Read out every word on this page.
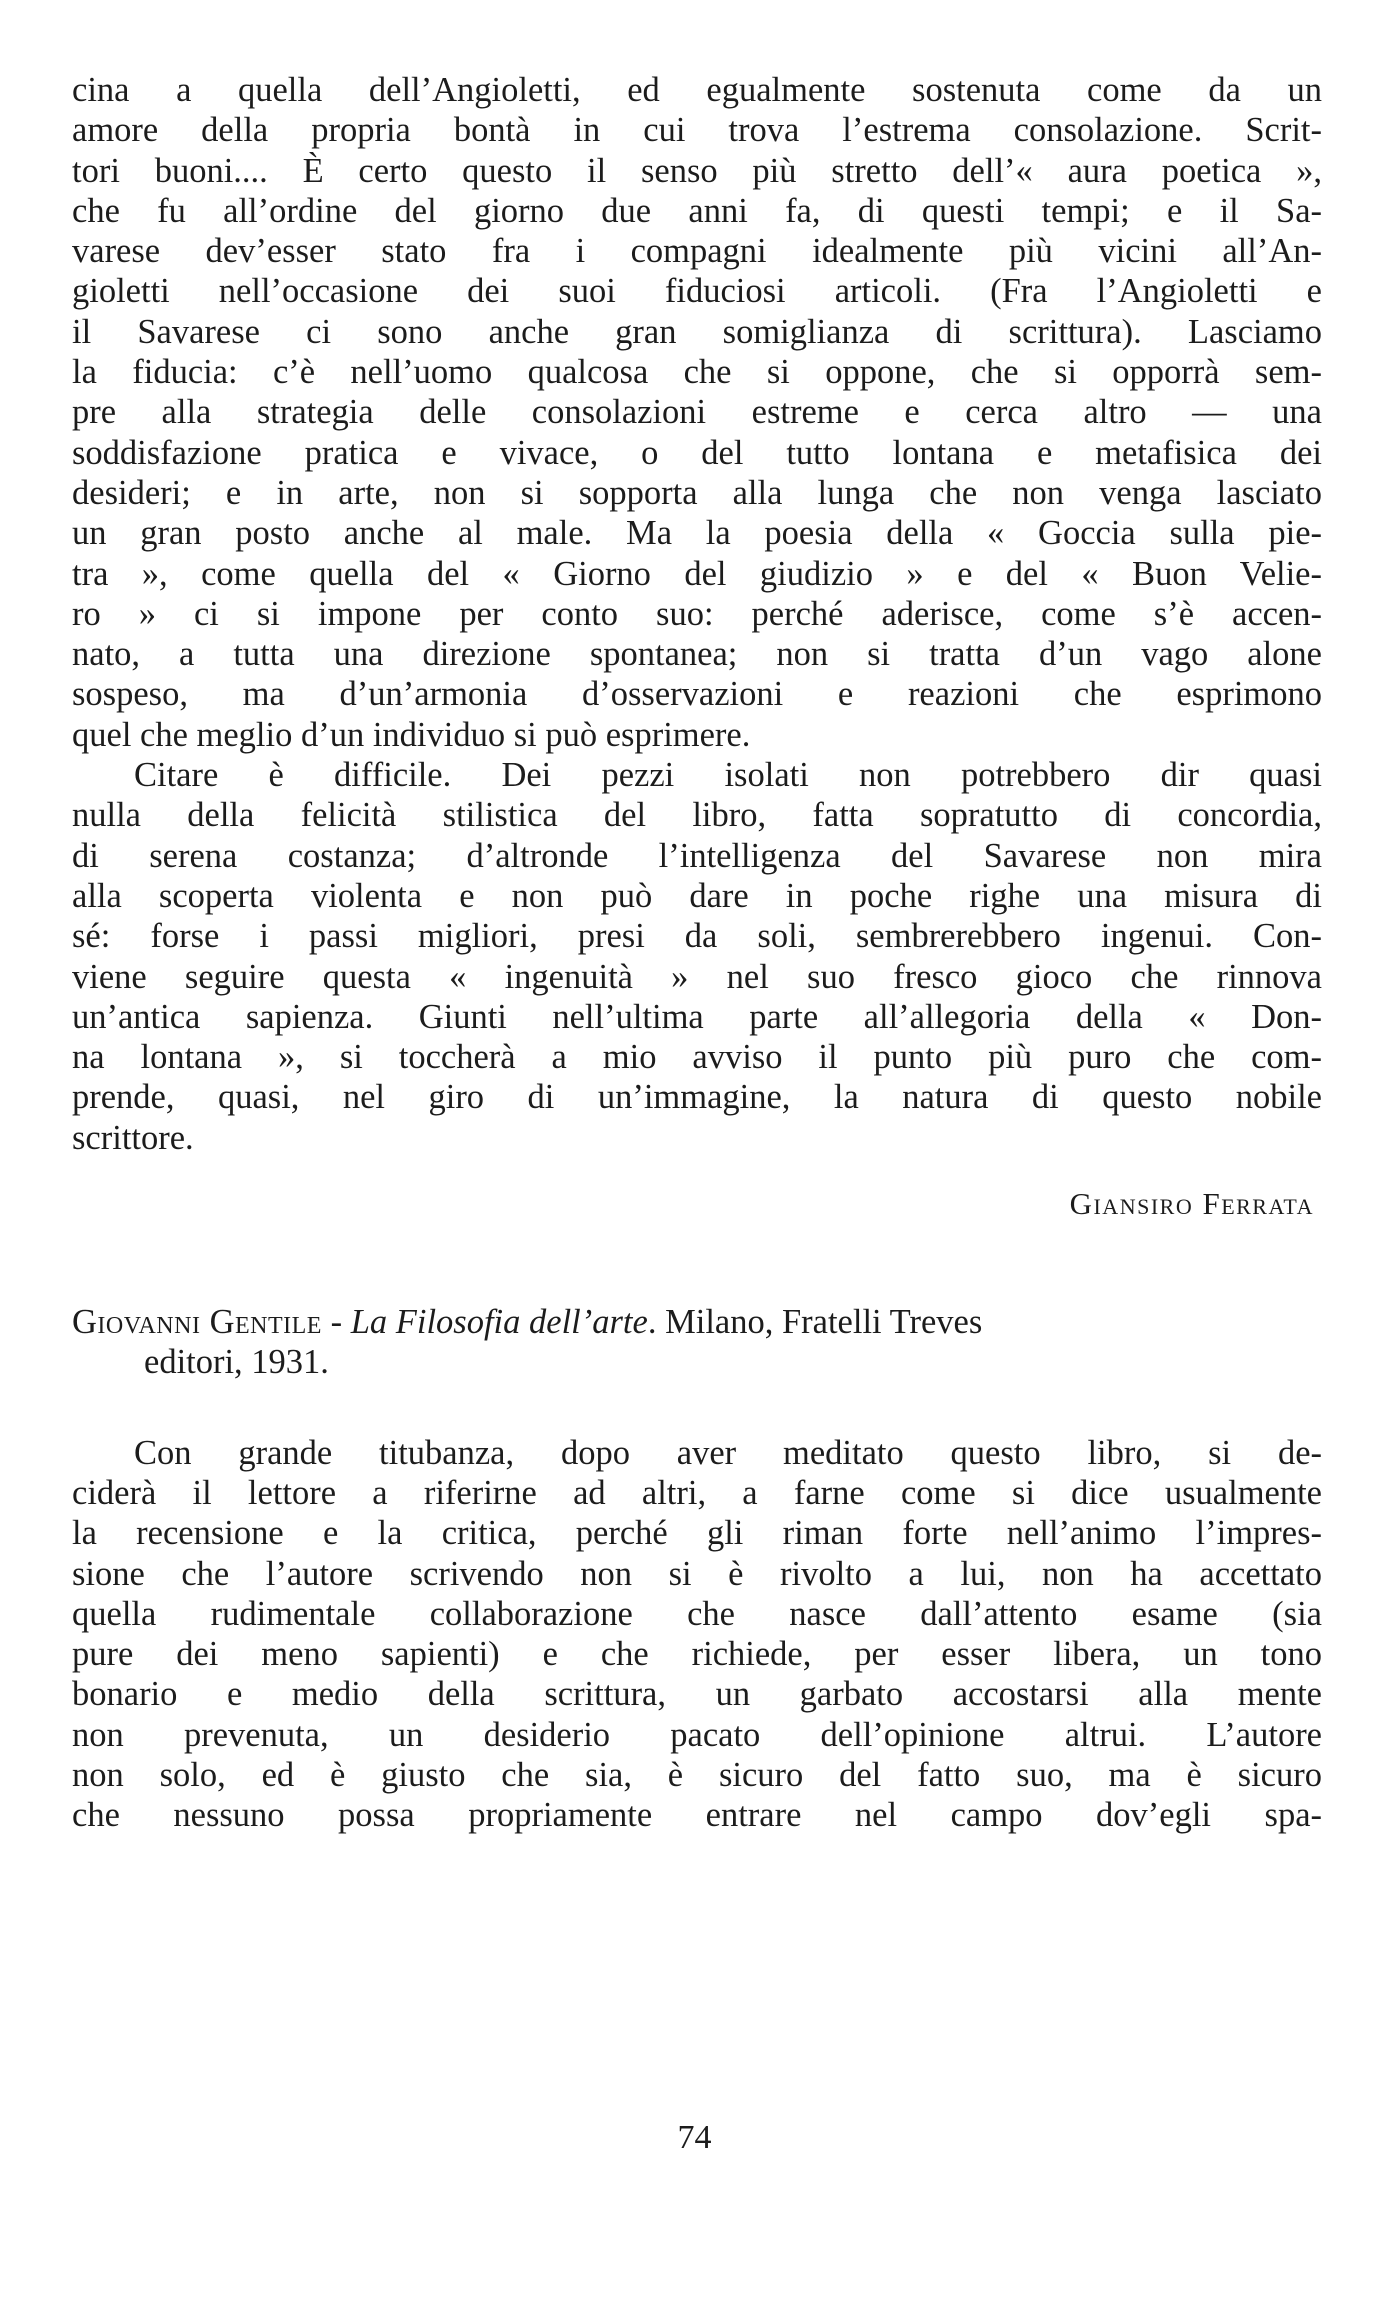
cina a quella dell’Angioletti, ed egualmente sostenuta come da un

amore della propria bontà in cui trova l’estrema consolazione. Scrit-

tori buoni.... È certo questo il senso più stretto dell’« aura poetica »,

che fu all’ordine del giorno due anni fa, di questi tempi; e il Sa-

varese dev’esser stato fra i compagni idealmente più vicini all’An-

gioletti nell’occasione dei suoi fiduciosi articoli. (Fra l’Angioletti e

il Savarese ci sono anche gran somiglianza di scrittura). Lasciamo

la fiducia: c’è nell’uomo qualcosa che si oppone, che si opporrà sem-

pre alla strategia delle consolazioni estreme e cerca altro — una

soddisfazione pratica e vivace, o del tutto lontana e metafisica dei

desideri; e in arte, non si sopporta alla lunga che non venga lasciato

un gran posto anche al male. Ma la poesia della « Goccia sulla pie-

tra », come quella del « Giorno del giudizio » e del « Buon Velie-

ro » ci si impone per conto suo: perché aderisce, come s’è accen-

nato, a tutta una direzione spontanea; non si tratta d’un vago alone

sospeso, ma d’un’armonia d’osservazioni e reazioni che esprimono

quel che meglio d’un individuo si può esprimere.

Citare è difficile. Dei pezzi isolati non potrebbero dir quasi

nulla della felicità stilistica del libro, fatta sopratutto di concordia,

di serena costanza; d’altronde l’intelligenza del Savarese non mira

alla scoperta violenta e non può dare in poche righe una misura di

sé: forse i passi migliori, presi da soli, sembrerebbero ingenui. Con-

viene seguire questa « ingenuità » nel suo fresco gioco che rinnova

un’antica sapienza. Giunti nell’ultima parte all’allegoria della « Don-

na lontana », si toccherà a mio avviso il punto più puro che com-

prende, quasi, nel giro di un’immagine, la natura di questo nobile

scrittore.

Giansiro Ferrata

Giovanni Gentile - La Filosofia dell’arte. Milano, Fratelli Treves

editori, 1931.

Con grande titubanza, dopo aver meditato questo libro, si de-

ciderà il lettore a riferirne ad altri, a farne come si dice usualmente

la recensione e la critica, perché gli riman forte nell’animo l’impres-

sione che l’autore scrivendo non si è rivolto a lui, non ha accettato

quella rudimentale collaborazione che nasce dall’attento esame (sia

pure dei meno sapienti) e che richiede, per esser libera, un tono

bonario e medio della scrittura, un garbato accostarsi alla mente

non prevenuta, un desiderio pacato dell’opinione altrui. L’autore

non solo, ed è giusto che sia, è sicuro del fatto suo, ma è sicuro

che nessuno possa propriamente entrare nel campo dov’egli spa-

74
